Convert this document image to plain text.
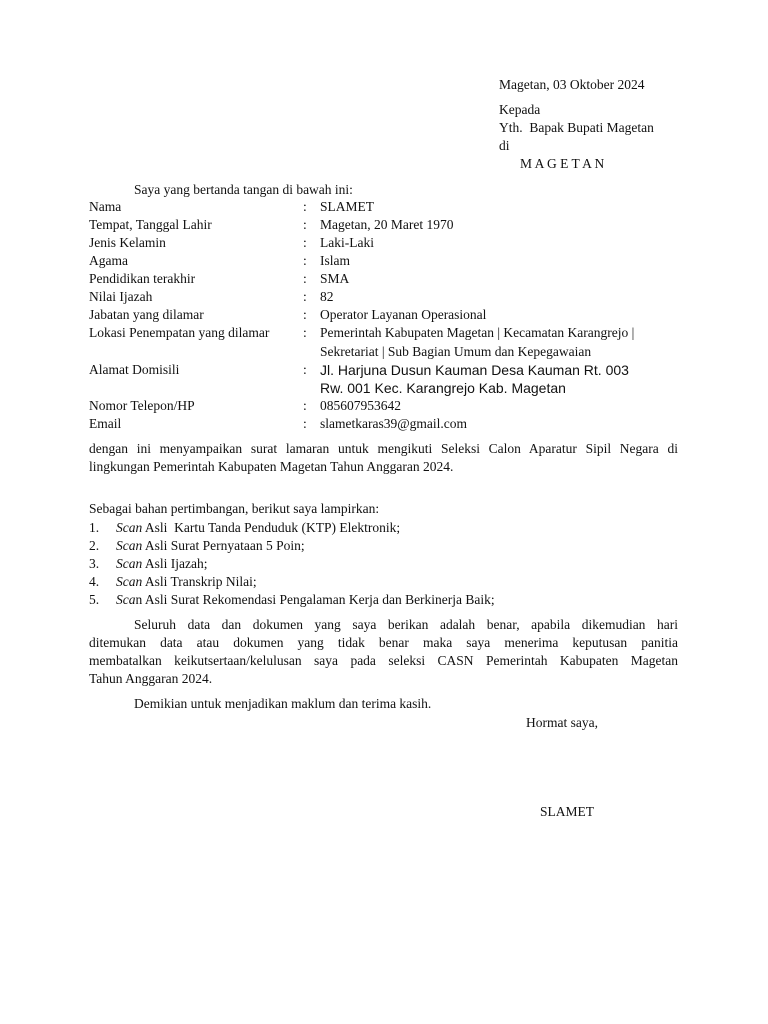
Magetan, 03 Oktober 2024
Kepada
Yth.  Bapak Bupati Magetan
di
M A G E T A N
Saya yang bertanda tangan di bawah ini:
Nama	: SLAMET
Tempat, Tanggal Lahir	: Magetan, 20 Maret 1970
Jenis Kelamin	: Laki-Laki
Agama	: Islam
Pendidikan terakhir	: SMA
Nilai Ijazah	: 82
Jabatan yang dilamar	: Operator Layanan Operasional
Lokasi Penempatan yang dilamar : Pemerintah Kabupaten Magetan | Kecamatan Karangrejo |
Sekretariat | Sub Bagian Umum dan Kepegawaian
Alamat Domisili	: Jl. Harjuna Dusun Kauman Desa Kauman Rt. 003
Rw. 001 Kec. Karangrejo Kab. Magetan
Nomor Telepon/HP	: 085607953642
Email	: slametkaras39@gmail.com
dengan ini menyampaikan surat lamaran untuk mengikuti Seleksi Calon Aparatur Sipil Negara di
lingkungan Pemerintah Kabupaten Magetan Tahun Anggaran 2024.
Sebagai bahan pertimbangan, berikut saya lampirkan:
1. Scan Asli  Kartu Tanda Penduduk (KTP) Elektronik;
2. Scan Asli Surat Pernyataan 5 Poin;
3. Scan Asli Ijazah;
4. Scan Asli Transkrip Nilai;
5. Scan Asli Surat Rekomendasi Pengalaman Kerja dan Berkinerja Baik;
Seluruh data dan dokumen yang saya berikan adalah benar, apabila dikemudian hari
ditemukan data atau dokumen yang tidak benar maka saya menerima keputusan panitia
membatalkan keikutsertaan/kelulusan saya pada seleksi CASN Pemerintah Kabupaten Magetan
Tahun Anggaran 2024.
Demikian untuk menjadikan maklum dan terima kasih.
Hormat saya,
SLAMET
